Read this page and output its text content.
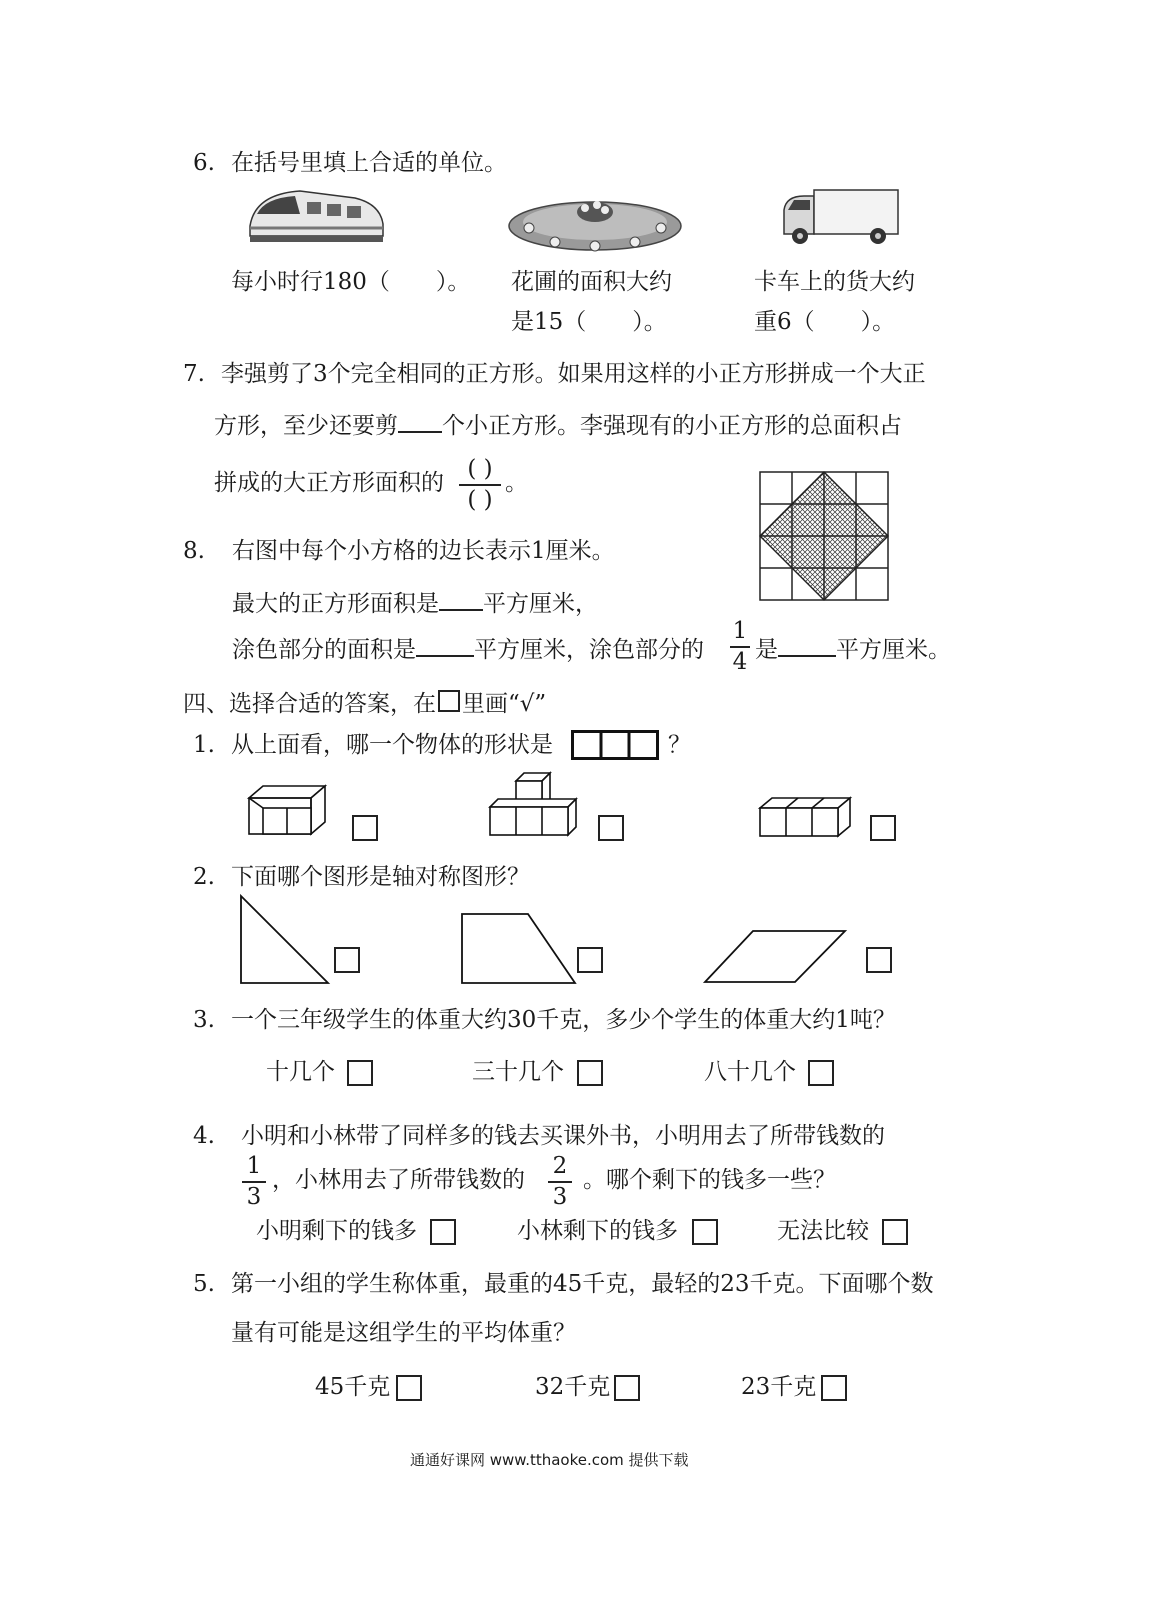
6. 在括号里填上合适的单位。
每小时行180（　　）。 花圃的面积大约
是15（　　）。
卡车上的货大约
重6（　　）。
7. 李强剪了3个完全相同的正方形。如果用这样的小正方形拼成一个大正
方形，至少还要剪 个小正方形。李强现有的小正方形的总面积占
拼成的大正方形面积的
( )
( )
。
8. 右图中每个小方格的边长表示1厘米。
最大的正方形面积是 平方厘米，
涂色部分的面积是	平方厘米，涂色部分的
1
4 是	平方厘米。
四、选择合适的答案，在 里画“√”
1. 从上面看，哪一个物体的形状是	？
2. 下面哪个图形是轴对称图形？
3. 一个三年级学生的体重大约30千克，多少个学生的体重大约1吨？
十几个	三十几个	八十几个
4. 小明和小林带了同样多的钱去买课外书，小明用去了所带钱数的
1
3
，小林用去了所带钱数的
2
3
。哪个剩下的钱多一些？
小明剩下的钱多	小林剩下的钱多	无法比较
5. 第一小组的学生称体重，最重的45千克，最轻的23千克。下面哪个数
量有可能是这组学生的平均体重？
45千克	32千克	23千克
通通好课网 www.tthaoke.com 提供下载
